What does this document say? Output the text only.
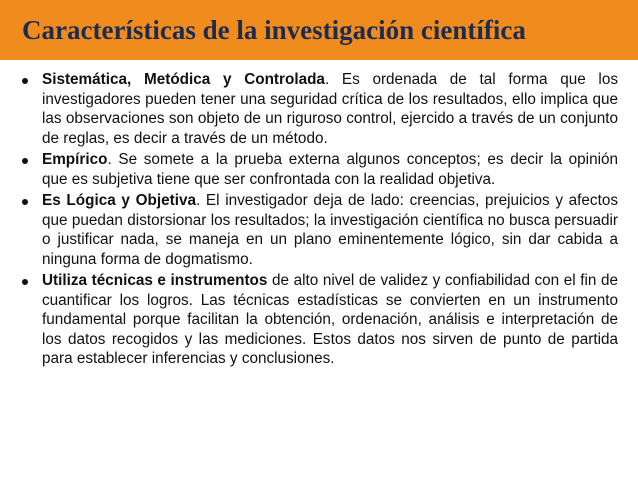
Características de la investigación científica
Sistemática, Metódica y Controlada. Es ordenada de tal forma que los investigadores pueden tener una seguridad crítica de los resultados, ello implica que las observaciones son objeto de un riguroso control, ejercido a través de un conjunto de reglas, es decir a través de un método.
Empírico. Se somete a la prueba externa algunos conceptos; es decir la opinión que es subjetiva tiene que ser confrontada con la realidad objetiva.
Es Lógica y Objetiva. El investigador deja de lado: creencias, prejuicios y afectos que puedan distorsionar los resultados; la investigación científica no busca persuadir o justificar nada, se maneja en un plano eminentemente lógico, sin dar cabida a ninguna forma de dogmatismo.
Utiliza técnicas e instrumentos de alto nivel de validez y confiabilidad con el fin de cuantificar los logros. Las técnicas estadísticas se convierten en un instrumento fundamental porque facilitan la obtención, ordenación, análisis e interpretación de los datos recogidos y las mediciones. Estos datos nos sirven de punto de partida para establecer inferencias y conclusiones.
